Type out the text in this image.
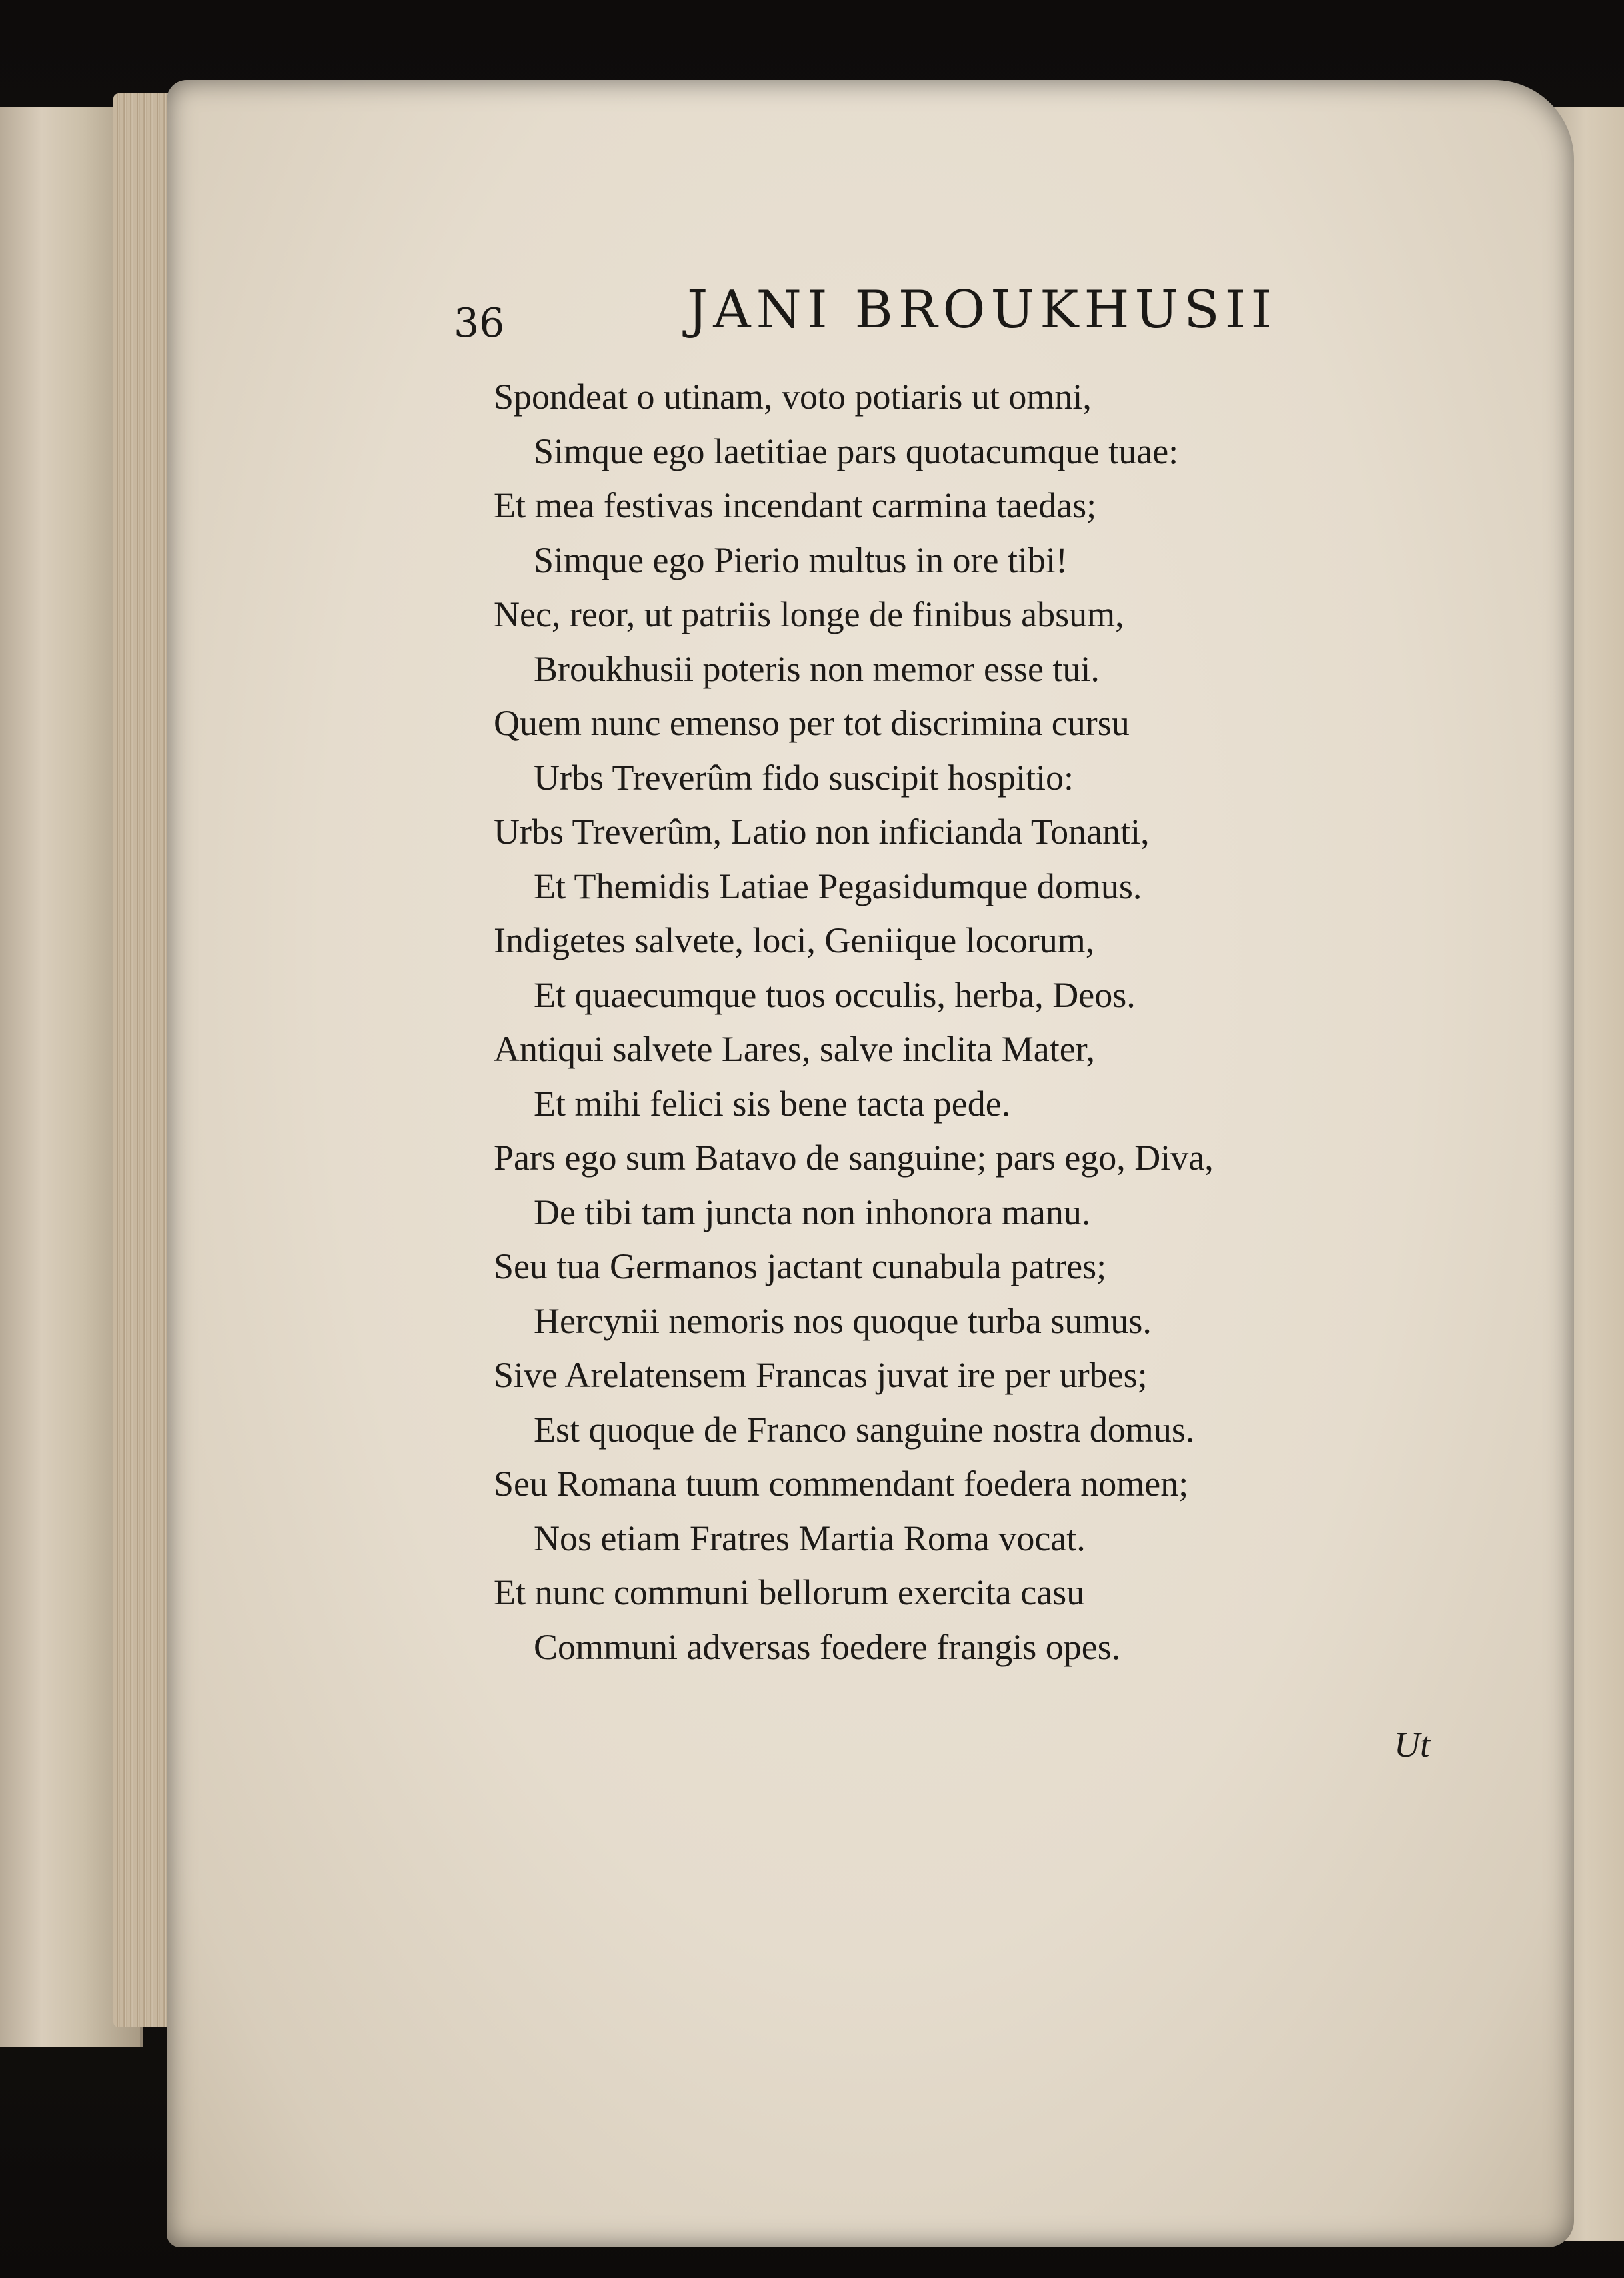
36	JANI BROUKHUSII
Spondeat o utinam, voto potiaris ut omni,
Simque ego laetitiae pars quotacumque tuae:
Et mea festivas incendant carmina taedas;
Simque ego Pierio multus in ore tibi!
Nec, reor, ut patriis longe de finibus absum,
Broukhusii poteris non memor esse tui.
Quem nunc emenso per tot discrimina cursu
Urbs Treverûm fido suscipit hospitio:
Urbs Treverûm, Latio non inficianda Tonanti,
Et Themidis Latiae Pegasidumque domus.
Indigetes salvete, loci, Geniique locorum,
Et quaecumque tuos occulis, herba, Deos.
Antiqui salvete Lares, salve inclita Mater,
Et mihi felici sis bene tacta pede.
Pars ego sum Batavo de sanguine; pars ego, Diva,
De tibi tam juncta non inhonora manu.
Seu tua Germanos jactant cunabula patres;
Hercynii nemoris nos quoque turba sumus.
Sive Arelatensem Francas juvat ire per urbes;
Est quoque de Franco sanguine nostra domus.
Seu Romana tuum commendant foedera nomen;
Nos etiam Fratres Martia Roma vocat.
Et nunc communi bellorum exercita casu
Communi adversas foedere frangis opes.
Ut
